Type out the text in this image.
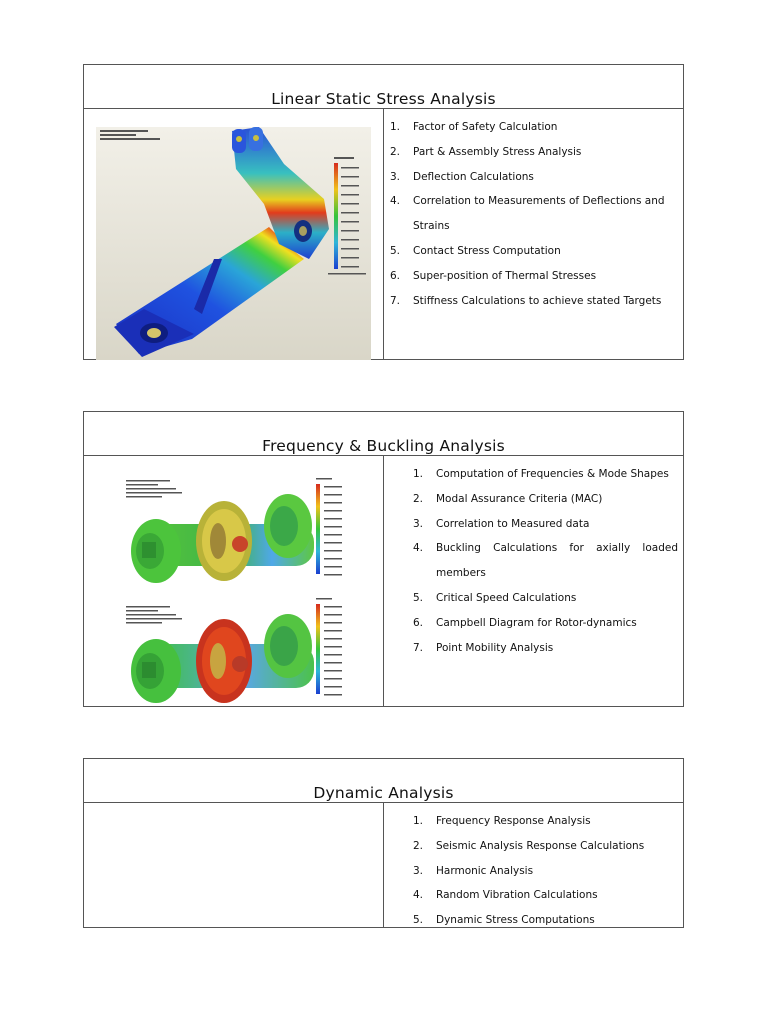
Linear Static Stress Analysis
1.	Factor of Safety Calculation
2.	Part & Assembly Stress Analysis
3.	Deflection Calculations
4.	Correlation to Measurements of Deflections and
Strains
5.	Contact Stress Computation
6.	Super-position of Thermal Stresses
7.	Stiffness Calculations to achieve stated Targets
Frequency & Buckling Analysis
1.	Computation of Frequencies & Mode Shapes
2.	Modal Assurance Criteria (MAC)
3.	Correlation to Measured data
4.	Buckling Calculations for axially loaded
members
5.	Critical Speed Calculations
6.	Campbell Diagram for Rotor-dynamics
7.	Point Mobility Analysis
Dynamic Analysis
1.	Frequency Response Analysis
2.	Seismic Analysis Response Calculations
3.	Harmonic Analysis
4.	Random Vibration Calculations
5.	Dynamic Stress Computations
